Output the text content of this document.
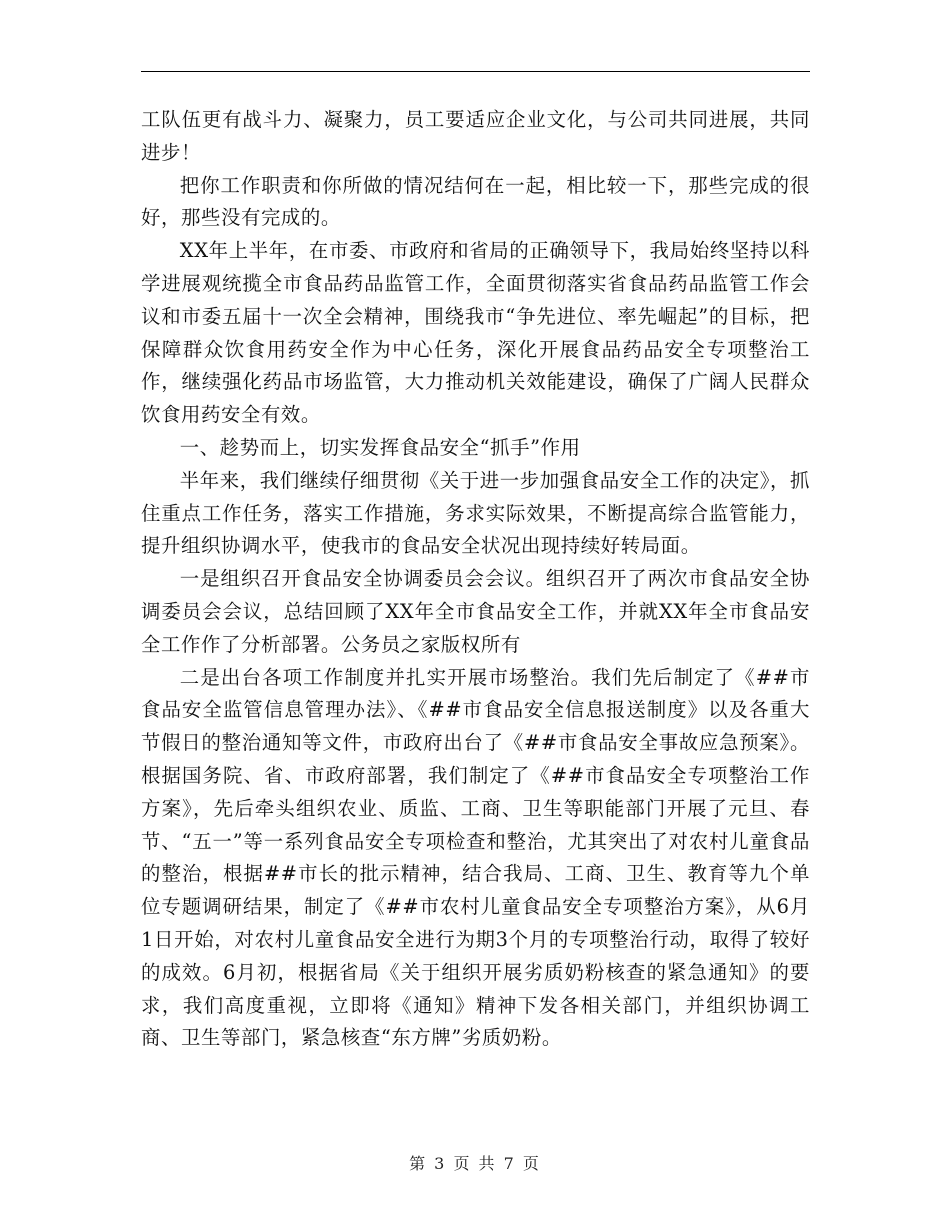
工队伍更有战斗力、凝聚力，员工要适应企业文化，与公司共同进展，共同进步！

把你工作职责和你所做的情况结何在一起，相比较一下，那些完成的很好，那些没有完成的。

XX年上半年，在市委、市政府和省局的正确领导下，我局始终坚持以科学进展观统揽全市食品药品监管工作，全面贯彻落实省食品药品监管工作会议和市委五届十一次全会精神，围绕我市“争先进位、率先崛起”的目标，把保障群众饮食用药安全作为中心任务，深化开展食品药品安全专项整治工作，继续强化药品市场监管，大力推动机关效能建设，确保了广阔人民群众饮食用药安全有效。

一、趁势而上，切实发挥食品安全“抓手”作用

半年来，我们继续仔细贯彻《关于进一步加强食品安全工作的决定》，抓住重点工作任务，落实工作措施，务求实际效果，不断提高综合监管能力，提升组织协调水平，使我市的食品安全状况出现持续好转局面。

一是组织召开食品安全协调委员会会议。组织召开了两次市食品安全协调委员会会议，总结回顾了XX年全市食品安全工作，并就XX年全市食品安全工作作了分析部署。公务员之家版权所有

二是出台各项工作制度并扎实开展市场整治。我们先后制定了《##市食品安全监管信息管理办法》、《##市食品安全信息报送制度》以及各重大节假日的整治通知等文件，市政府出台了《##市食品安全事故应急预案》。根据国务院、省、市政府部署，我们制定了《##市食品安全专项整治工作方案》，先后牵头组织农业、质监、工商、卫生等职能部门开展了元旦、春节、“五一”等一系列食品安全专项检查和整治，尤其突出了对农村儿童食品的整治，根据##市长的批示精神，结合我局、工商、卫生、教育等九个单位专题调研结果，制定了《##市农村儿童食品安全专项整治方案》，从6月1日开始，对农村儿童食品安全进行为期3个月的专项整治行动，取得了较好的成效。6月初，根据省局《关于组织开展劣质奶粉核查的紧急通知》的要求，我们高度重视，立即将《通知》精神下发各相关部门，并组织协调工商、卫生等部门，紧急核查“东方牌”劣质奶粉。

第 3 页 共 7 页
